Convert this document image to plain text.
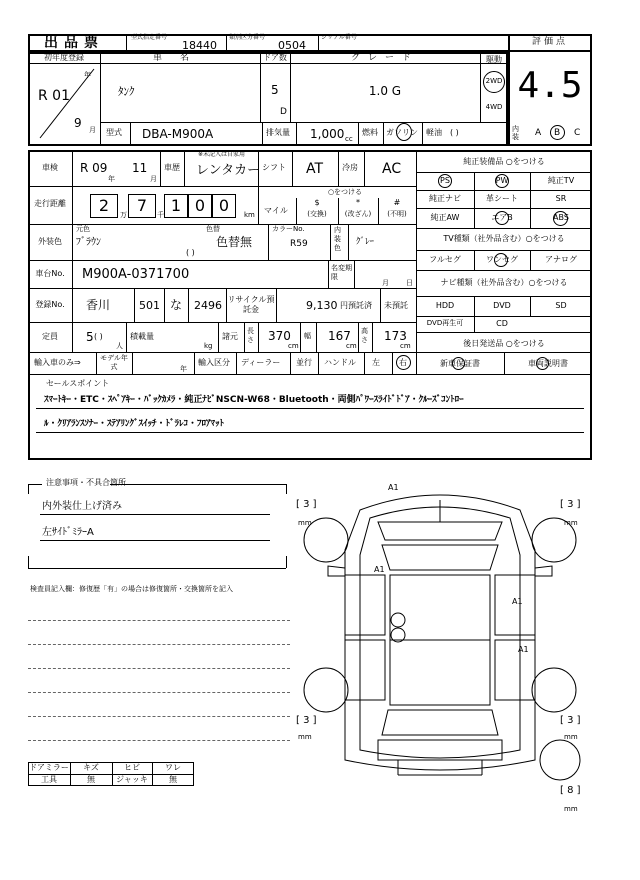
出品票	型式指定番号
18440
類別区分番号
0504
シリアル番号	評価点
4.5
初年度登録
年
R 01
9 月
車名
ﾀﾝｸ
型式 DBA-M900A
ドア数
5
D
グレード
1.0 G
駆動
2WD
4WD
排気量 1,000 cc
燃料 ガソリン 軽油 ( )	内装	A B C
車検	R 09
年
11
月
車歴
※未記入は自家用
レンタカー シフト AT 冷房 AC
走行距離	2	万 7	千 1 0 0	km
○をつける
マイル
$
(交換)
*
(改ざん)
#
(不明)
外装色
元色
ﾌﾞﾗｳﾝ
色替
色替無
( )
カラーNo.
R59
内装色
ｸﾞﾚｰ
車台No.	M900A-0371700	名変期限
月 日
登録No.	香川	501 な 2496 リサイクル預託金	9,130 円預託済 未預託
定員	5 ( )
人
積載量
kg
諸元
長さ 370
cm
幅 167
cm
高さ 173
cm
輸入車のみ⇒	モデル年式	年
輸入区分 ディーラー 並行 ハンドル 左 右
純正装備品 ○をつける
PS	PW	純正TV
純正ナビ	革シート	SR
純正AW	エアB	ABS
TV種類（社外品含む）○をつける
フルセグ	ワンセグ	アナログ
ナビ種類（社外品含む）○をつける
HDD	DVD	SD
DVD再生可	CD
後日発送品 ○をつける
新車保証書	車両説明書
セールスポイント
ｽﾏｰﾄｷｰ・ETC・ｽﾍﾟｱｷｰ・ﾊﾞｯｸｶﾒﾗ・純正ﾅﾋﾞNSCN-W68・Bluetooth・両側ﾊﾟﾜｰｽﾗｲﾄﾞﾄﾞｱ・ｸﾙｰｽﾞｺﾝﾄﾛｰ
ﾙ・ｸﾘｱﾗﾝｽｿﾅｰ・ｽﾃｱﾘﾝｸﾞｽｲｯﾁ・ﾄﾞﾗﾚｺ・ﾌﾛｱﾏｯﾄ
注意事項・不具合箇所
内外装仕上げ済み
左ｻｲﾄﾞﾐﾗｰA
検査員記入欄：修復歴「有」の場合は修復箇所・交換箇所を記入
ドアミラー	キズ	ヒビ	ワレ
工具	無	ジャッキ	無
[ 3 ]
mm
[ 3 ]
mm
[ 3 ]
mm
[ 3 ]
mm
[ 8 ]
mm
A1
A1
A1
A1
